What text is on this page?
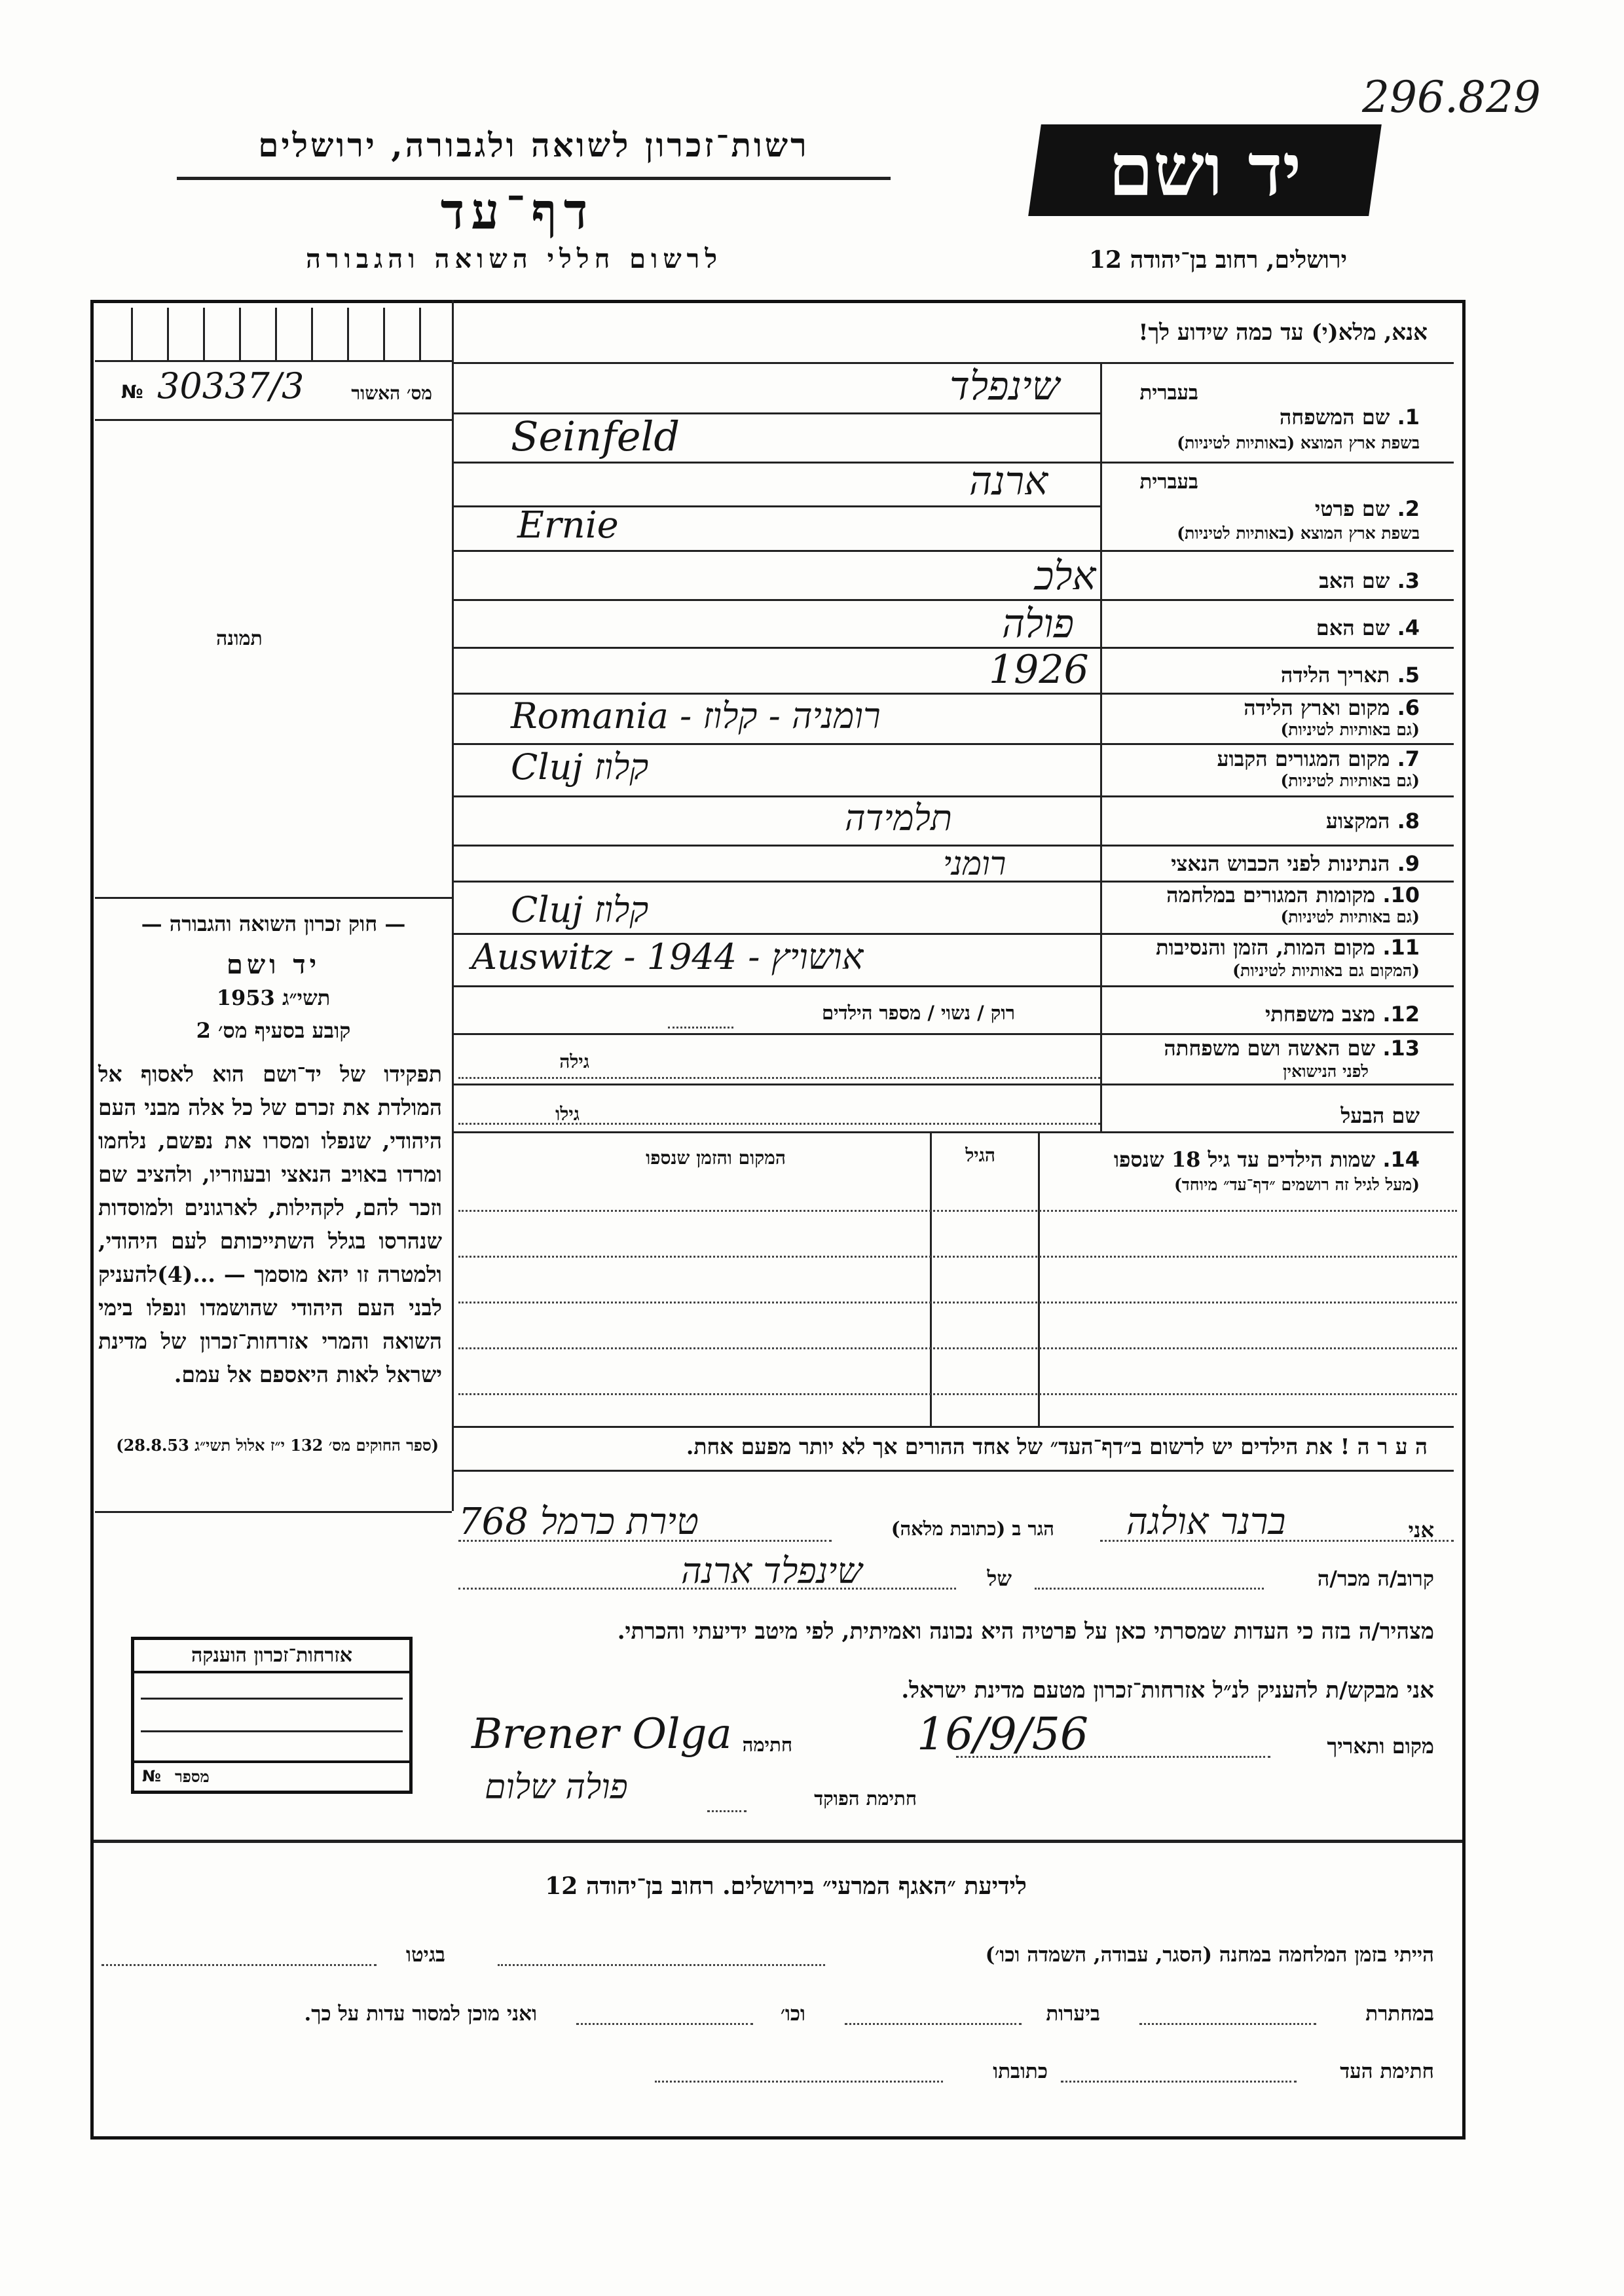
296.829
רשות־זכרון לשואה ולגבורה, ירושלים
דף־עד
לרשום חללי השואה והגבורה
יד ושם
ירושלים, רחוב בן־יהודה 12
אנא, מלא(י) עד כמה שידוע לך!
№ 30337/3	מס׳ האשור
תמונה
בעברית
1. שם המשפחה
בשפת ארץ המוצא (באותיות לטיניות)
שינפלד
Seinfeld
בעברית
2. שם פרטי
בשפת ארץ המוצא (באותיות לטיניות)
ארנה
Ernie
3. שם האב
אלכ
4. שם האם
פולה
5. תאריך הלידה
1926
6. מקום וארץ הלידה
(גם באותיות לטיניות)
Romania - רומניה - קלוז
7. מקום המגורים הקבוע
(גם באותיות לטיניות)
Cluj קלוז
8. המקצוע
תלמידה
9. הנתינות לפני הכבוש הנאצי
רומני
10. מקומות המגורים במלחמה
(גם באותיות לטיניות)
Cluj קלוז
11. מקום המות, הזמן והנסיבות
(המקום גם באותיות לטיניות)
Auswitz - 1944 - אושויץ
12. מצב משפחתי
רוק / נשוי / מספר הילדים
13. שם האשה ושם משפחתה
לפני הנישואין
גילה
שם הבעל
גילו
14. שמות הילדים עד גיל 18 שנספו
(מעל לגיל זה רושמים ״דף־עד״ מיוחד)
הגיל
המקום והזמן שנספו
ה ע ר ה ! את הילדים יש לרשום ב״דף־העד״ של אחד ההורים אך לא יותר מפעם אחת.
— חוק זכרון השואה והגבורה —
יד ושם
תשי״ג 1953
קובע בסעיף מס׳ 2
תפקידו של יד־ושם הוא לאסוף אל המולדת את זכרם של כל אלה מבני העם היהודי, שנפלו ומסרו את נפשם, נלחמו ומרדו באויב הנאצי ובעוזריו, ולהציב שם וזכר להם, לקהילות, לארגונים ולמוסדות שנהרסו בגלל השתייכותם לעם היהודי, ולמטרה זו יהא מוסמך — ...(4)להעניק לבני העם היהודי שהושמדו ונפלו בימי השואה והמרי אזרחות־זכרון של מדינת ישראל לאות היאספם אל עמם.
(ספר החוקים מס׳ 132 י״ז אלול תשי״ג 28.8.53)
אני
ברנר אולגה
הגר ב (כתובת מלאה)
טירת כרמל 768
קרוב/ה מכר/ה
של
שינפלד ארנה
מצהיר/ה בזה כי העדות שמסרתי כאן על פרטיה היא נכונה ואמיתית, לפי מיטב ידיעתי והכרתי.
אני מבקש/ת להעניק לנ״ל אזרחות־זכרון מטעם מדינת ישראל.
מקום ותאריך
16/9/56
חתימה
Brener Olga
חתימת הפוקד
פולה שלום
אזרחות־זכרון הוענקה
№ מספר
לידיעת ״האגף המרעי״ בירושלים. רחוב בן־יהודה 12
הייתי בזמן המלחמה במחנה (הסגר, עבודה, השמדה וכו׳)
בגיטו
במחתרת
ביערות
וכו׳
ואני מוכן למסור עדות על כך.
חתימת העד
כתובתו
